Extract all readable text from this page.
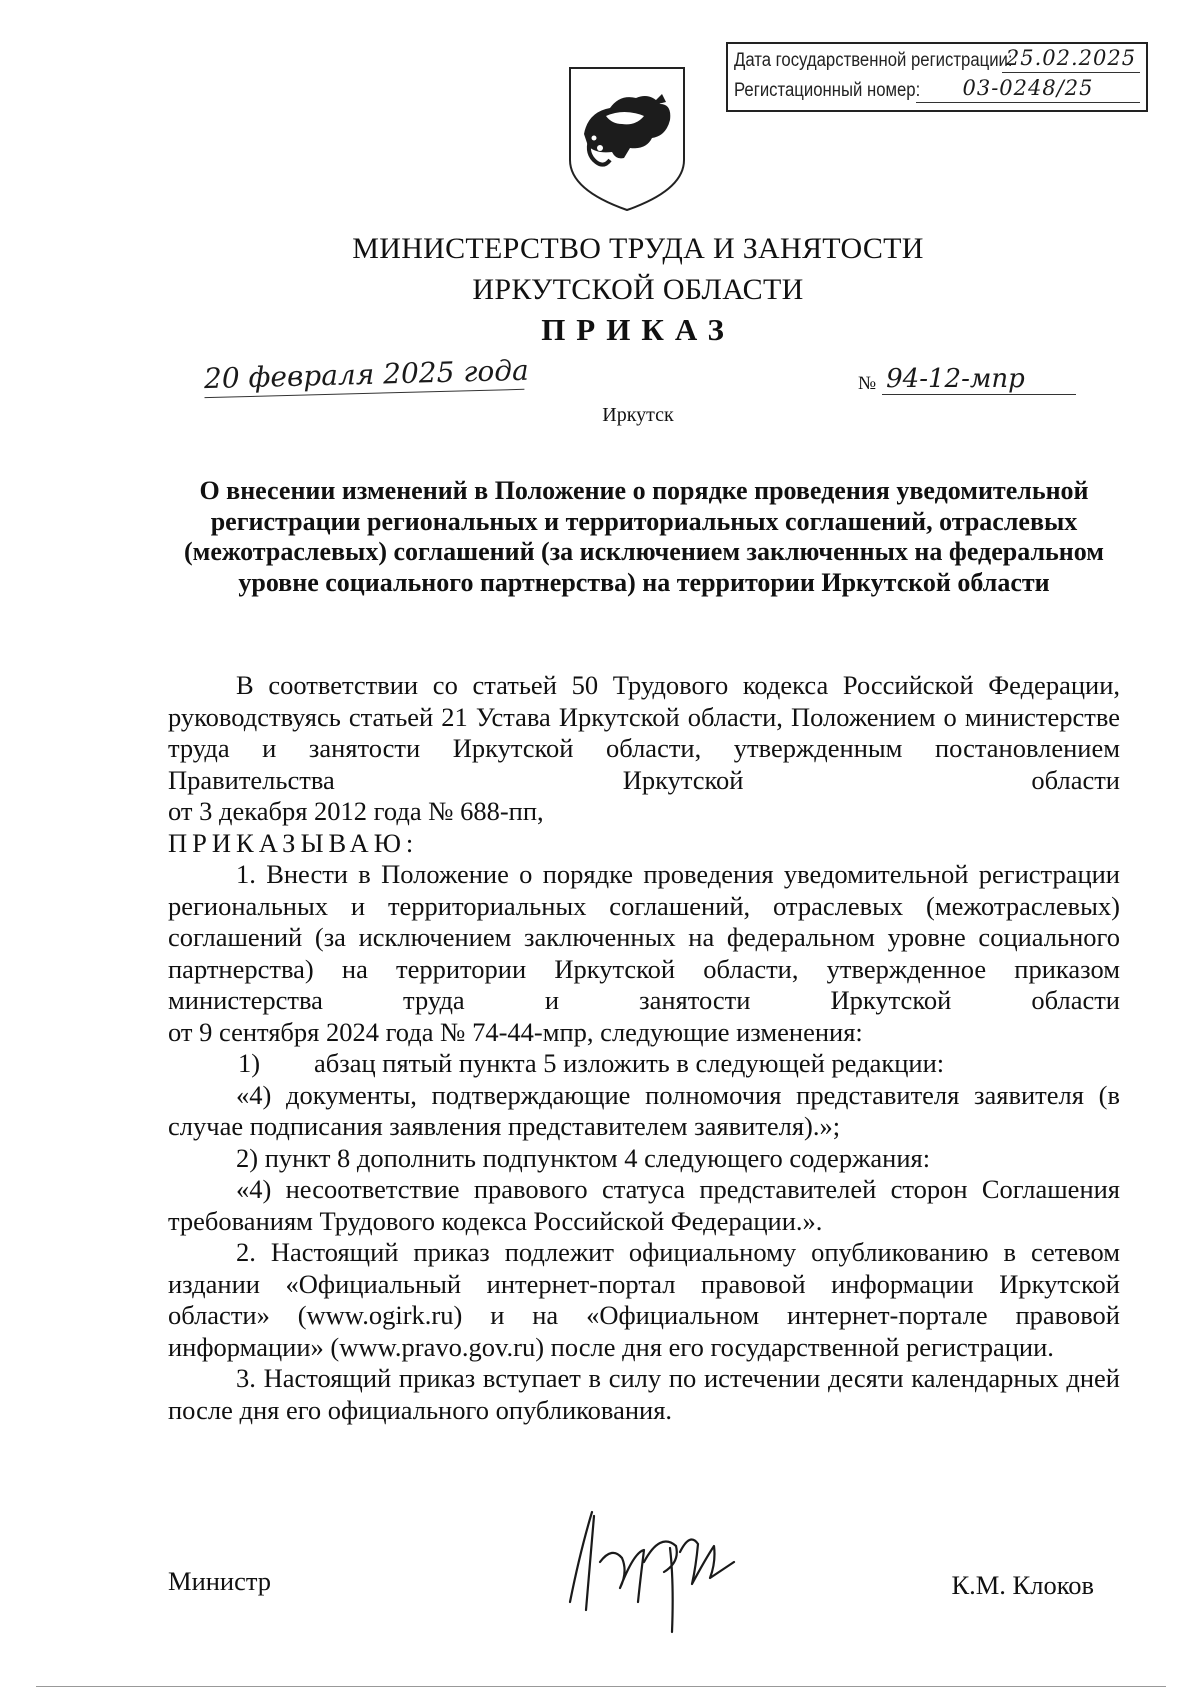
Дата государственной регистрации:
25.02.2025
Регистационный номер:	03-0248/25
МИНИСТЕРСТВО ТРУДА И ЗАНЯТОСТИ
ИРКУТСКОЙ ОБЛАСТИ
ПРИКАЗ
20 февраля 2025 года	№ 94-12-мпр
Иркутск
О внесении изменений в Положение о порядке проведения уведомительной регистрации региональных и территориальных соглашений, отраслевых (межотраслевых) соглашений (за исключением заключенных на федеральном уровне социального партнерства) на территории Иркутской области

В соответствии со статьей 50 Трудового кодекса Российской Федерации, руководствуясь статьей 21 Устава Иркутской области, Положением о министерстве труда и занятости Иркутской области, утвержденным постановлением Правительства Иркутской области

от 3 декабря 2012 года № 688-пп,

ПРИКАЗЫВАЮ:

1. Внести в Положение о порядке проведения уведомительной регистрации региональных и территориальных соглашений, отраслевых (межотраслевых) соглашений (за исключением заключенных на федеральном уровне социального партнерства) на территории Иркутской области, утвержденное приказом министерства труда и занятости Иркутской области

от 9 сентября 2024 года № 74-44-мпр, следующие изменения:

1) абзац пятый пункта 5 изложить в следующей редакции:

«4) документы, подтверждающие полномочия представителя заявителя (в случае подписания заявления представителем заявителя).»;

2) пункт 8 дополнить подпунктом 4 следующего содержания:

«4) несоответствие правового статуса представителей сторон Соглашения требованиям Трудового кодекса Российской Федерации.».

2. Настоящий приказ подлежит официальному опубликованию в сетевом издании «Официальный интернет-портал правовой информации Иркутской области» (www.ogirk.ru) и на «Официальном интернет-портале правовой информации» (www.pravo.gov.ru) после дня его государственной регистрации.

3. Настоящий приказ вступает в силу по истечении десяти календарных дней после дня его официального опубликования.

Министр	К.М. Клоков
